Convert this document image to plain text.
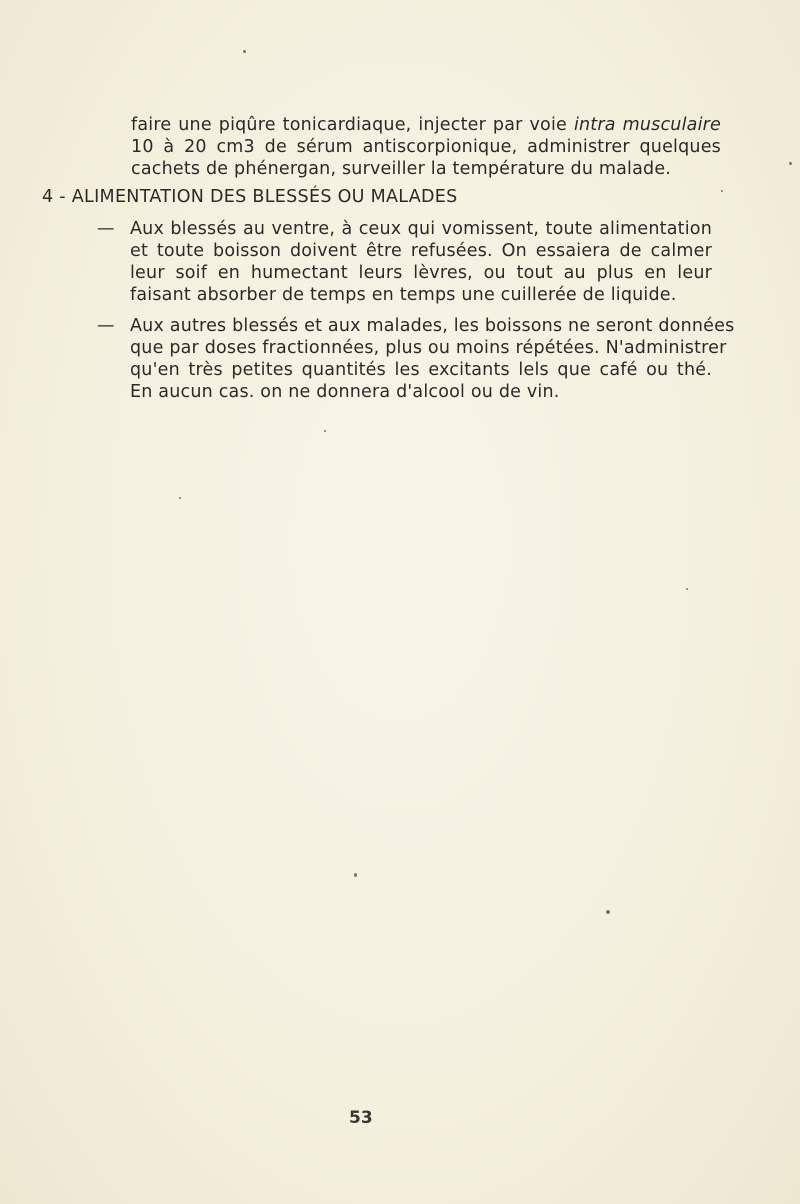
faire une piqûre tonicardiaque, injecter par voie intra musculaire
10 à 20 cm3 de sérum antiscorpionique, administrer quelques
cachets de phénergan, surveiller la température du malade.
4 - ALIMENTATION DES BLESSÉS OU MALADES
— Aux blessés au ventre, à ceux qui vomissent, toute alimentation
et toute boisson doivent être refusées. On essaiera de calmer
leur soif en humectant leurs lèvres, ou tout au plus en leur
faisant absorber de temps en temps une cuillerée de liquide.
— Aux autres blessés et aux malades, les boissons ne seront données
que par doses fractionnées, plus ou moins répétées. N'administrer
qu'en très petites quantités les excitants lels que café ou thé.
En aucun cas. on ne donnera d'alcool ou de vin.
53
